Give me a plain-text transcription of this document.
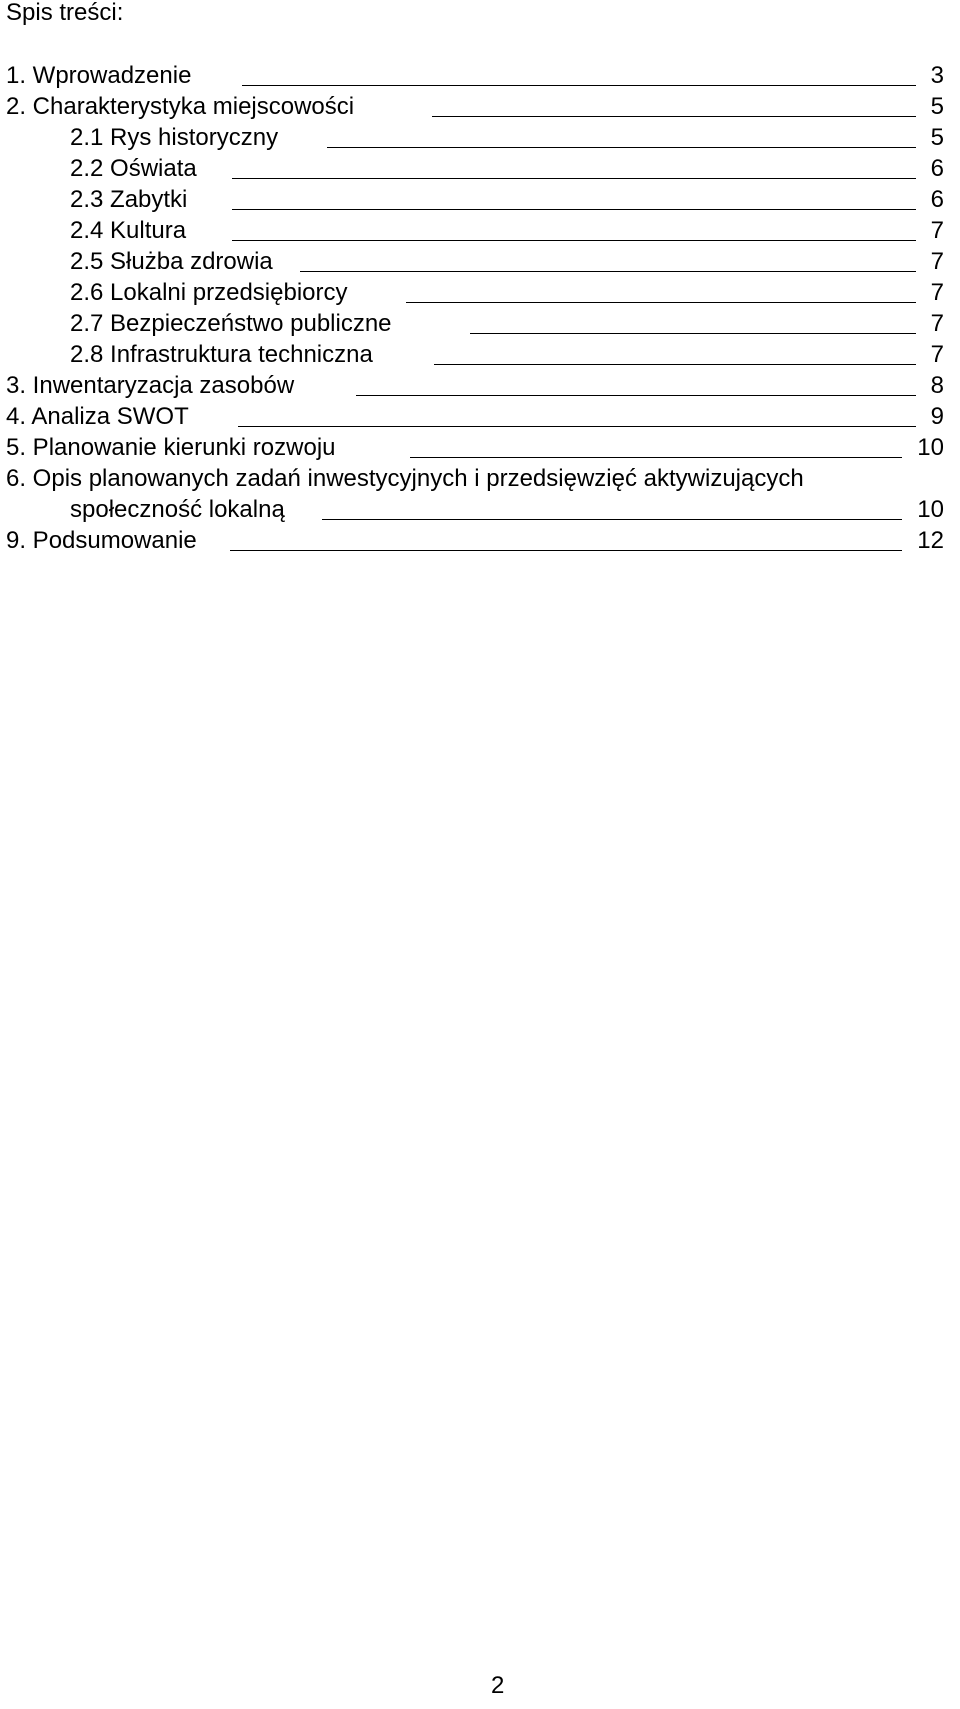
Spis treści:
1. Wprowadzenie	3
2. Charakterystyka miejscowości	5
2.1 Rys historyczny	5
2.2 Oświata	6
2.3 Zabytki	6
2.4 Kultura	7
2.5 Służba zdrowia	7
2.6 Lokalni przedsiębiorcy	7
2.7 Bezpieczeństwo publiczne	7
2.8 Infrastruktura techniczna	7
3. Inwentaryzacja zasobów	8
4. Analiza SWOT	9
5. Planowanie kierunki rozwoju	10
6. Opis planowanych zadań inwestycyjnych i przedsięwzięć aktywizujących
społeczność lokalną	10
9. Podsumowanie	12
2
